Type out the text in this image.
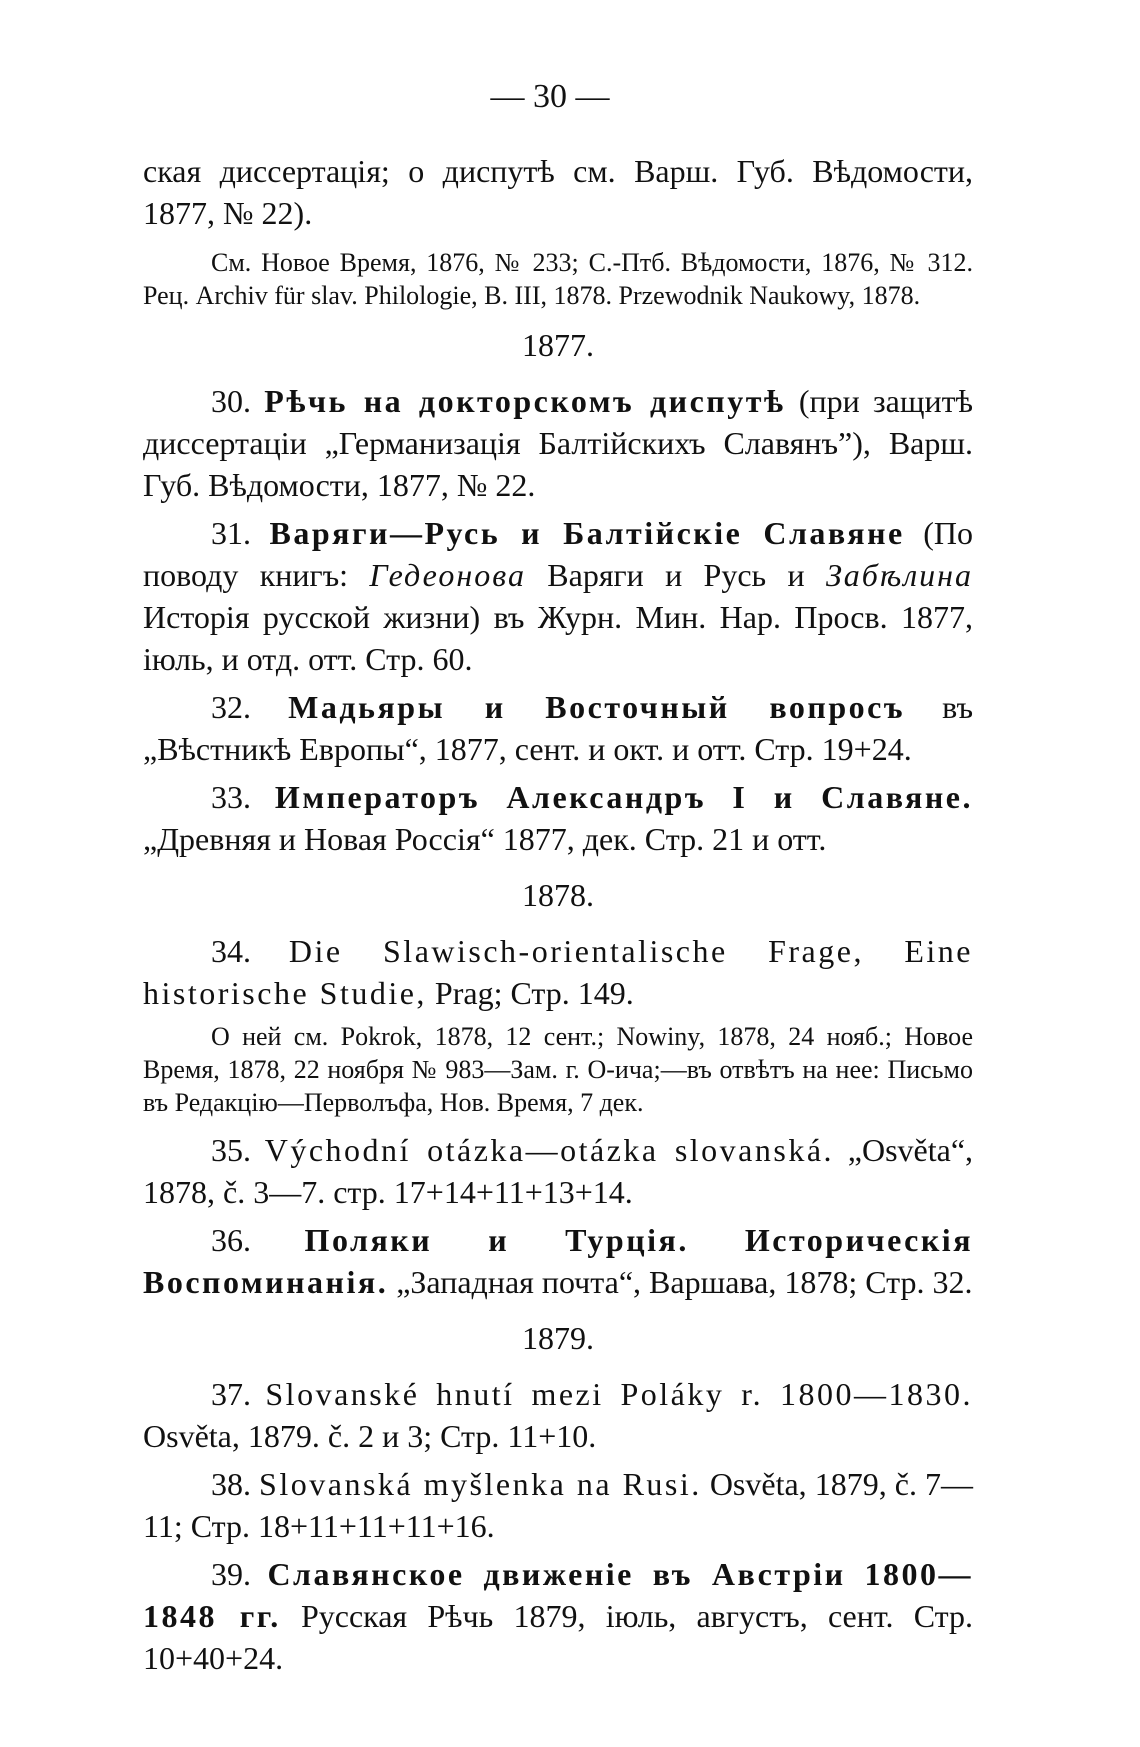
— 30 —
ская диссертація; о диспутѣ см. Варш. Губ. Вѣдомости, 1877, № 22).
См. Новое Время, 1876, № 233; С.-Птб. Вѣдомости, 1876, № 312. Рец. Archiv für slav. Philologie, B. III, 1878. Przewodnik Naukowy, 1878.
1877.
30. Рѣчь на докторскомъ диспутѣ (при защитѣ диссертаціи „Германизація Балтійскихъ Славянъ”), Варш. Губ. Вѣдомости, 1877, № 22.
31. Варяги—Русь и Балтійскіе Славяне (По поводу книгъ: Гедеонова Варяги и Русь и Забѣлина Исторія русской жизни) въ Журн. Мин. Нар. Просв. 1877, іюль, и отд. отт. Стр. 60.
32. Мадьяры и Восточный вопросъ въ „Вѣстникѣ Европы“, 1877, сент. и окт. и отт. Стр. 19+24.
33. Императоръ Александръ I и Славяне. „Древняя и Новая Россія“ 1877, дек. Стр. 21 и отт.
1878.
34. Die Slawisch-orientalische Frage, Eine historische Studie, Prag; Стр. 149.
О ней см. Pokrok, 1878, 12 сент.; Nowiny, 1878, 24 нояб.; Новое Время, 1878, 22 ноября № 983—Зам. г. О-ича;—въ отвѣтъ на нее: Письмо въ Редакцію—Перволъфа, Нов. Время, 7 дек.
35. Východní otázka—otázka slovanská. „Osvěta“, 1878, č. 3—7. стр. 17+14+11+13+14.
36. Поляки и Турція. Историческія Воспоминанія. „Западная почта“, Варшава, 1878; Стр. 32.
1879.
37. Slovanské hnutí mezi Poláky r. 1800—1830. Osvěta, 1879. č. 2 и 3; Стр. 11+10.
38. Slovanská myšlenka na Rusi. Osvěta, 1879, č. 7—11; Стр. 18+11+11+11+16.
39. Славянское движеніе въ Австріи 1800—1848 гг. Русская Рѣчь 1879, іюль, августъ, сент. Стр. 10+40+24.
